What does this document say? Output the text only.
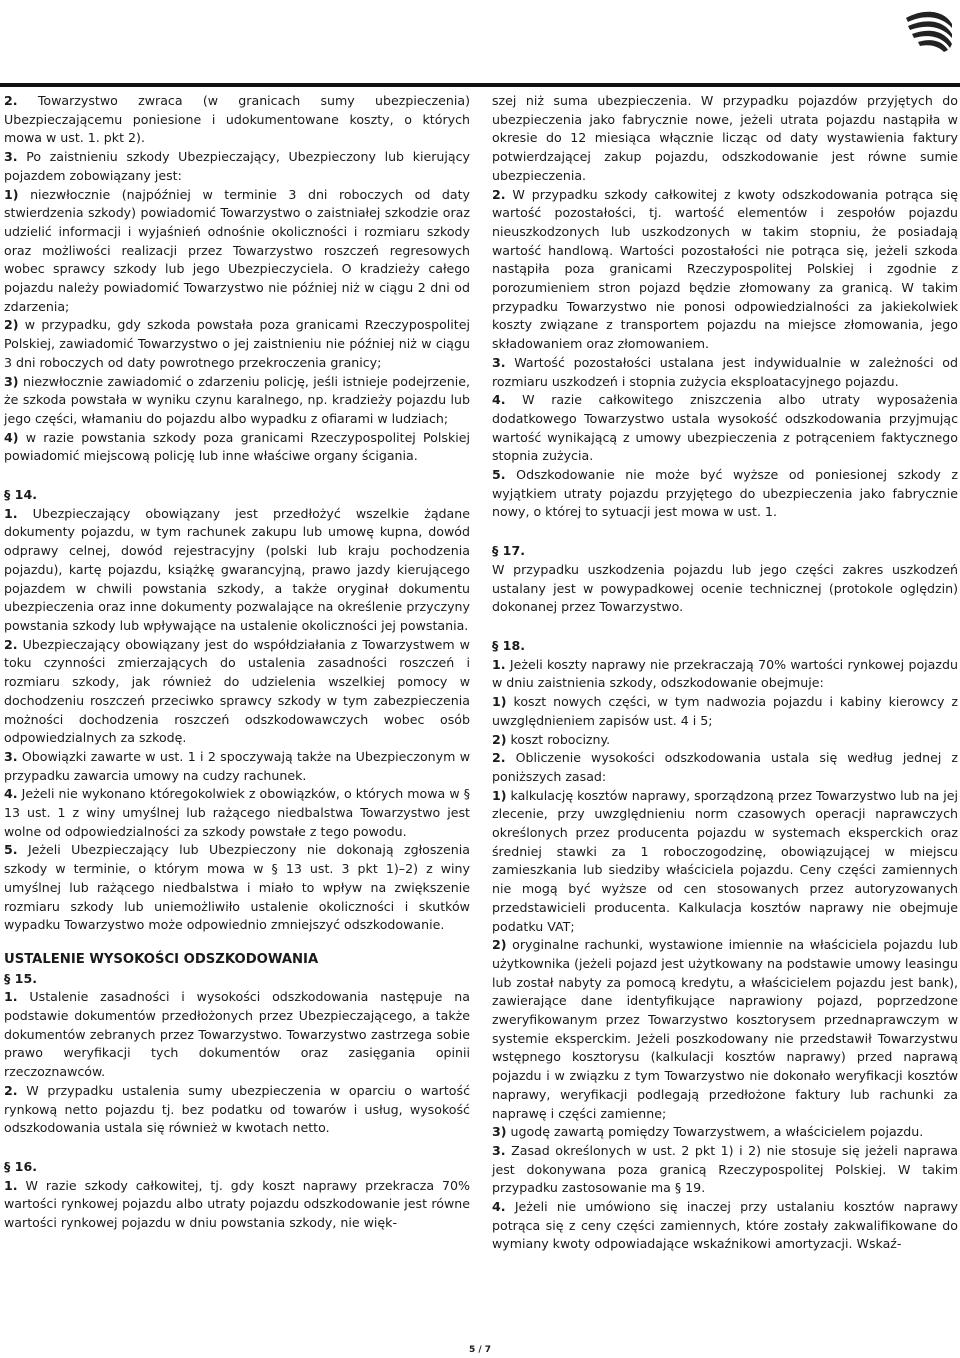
2. Towarzystwo zwraca (w granicach sumy ubezpieczenia) Ubezpieczającemu poniesione i udokumentowane koszty, o których mowa w ust. 1. pkt 2).

3. Po zaistnieniu szkody Ubezpieczający, Ubezpieczony lub kierujący pojazdem zobowiązany jest:

1) niezwłocznie (najpóźniej w terminie 3 dni roboczych od daty stwierdzenia szkody) powiadomić Towarzystwo o zaistniałej szkodzie oraz udzielić informacji i wyjaśnień odnośnie okoliczności i rozmiaru szkody oraz możliwości realizacji przez Towarzystwo roszczeń regresowych wobec sprawcy szkody lub jego Ubezpieczyciela. O kradzieży całego pojazdu należy powiadomić Towarzystwo nie później niż w ciągu 2 dni od zdarzenia;

2) w przypadku, gdy szkoda powstała poza granicami Rzeczypospolitej Polskiej, zawiadomić Towarzystwo o jej zaistnieniu nie później niż w ciągu 3 dni roboczych od daty powrotnego przekroczenia granicy;

3) niezwłocznie zawiadomić o zdarzeniu policję, jeśli istnieje podejrzenie, że szkoda powstała w wyniku czynu karalnego, np. kradzieży pojazdu lub jego części, włamaniu do pojazdu albo wypadku z ofiarami w ludziach;

4) w razie powstania szkody poza granicami Rzeczypospolitej Polskiej powiadomić miejscową policję lub inne właściwe organy ścigania.

§ 14.

1. Ubezpieczający obowiązany jest przedłożyć wszelkie żądane dokumenty pojazdu, w tym rachunek zakupu lub umowę kupna, dowód odprawy celnej, dowód rejestracyjny (polski lub kraju pochodzenia pojazdu), kartę pojazdu, książkę gwarancyjną, prawo jazdy kierującego pojazdem w chwili powstania szkody, a także oryginał dokumentu ubezpieczenia oraz inne dokumenty pozwalające na określenie przyczyny powstania szkody lub wpływające na ustalenie okoliczności jej powstania.

2. Ubezpieczający obowiązany jest do współdziałania z Towarzystwem w toku czynności zmierzających do ustalenia zasadności roszczeń i rozmiaru szkody, jak również do udzielenia wszelkiej pomocy w dochodzeniu roszczeń przeciwko sprawcy szkody w tym zabezpieczenia możności dochodzenia roszczeń odszkodowawczych wobec osób odpowiedzialnych za szkodę.

3. Obowiązki zawarte w ust. 1 i 2 spoczywają także na Ubezpieczonym w przypadku zawarcia umowy na cudzy rachunek.

4. Jeżeli nie wykonano któregokolwiek z obowiązków, o których mowa w § 13 ust. 1 z winy umyślnej lub rażącego niedbalstwa Towarzystwo jest wolne od odpowiedzialności za szkody powstałe z tego powodu.

5. Jeżeli Ubezpieczający lub Ubezpieczony nie dokonają zgłoszenia szkody w terminie, o którym mowa w § 13 ust. 3 pkt 1)–2) z winy umyślnej lub rażącego niedbalstwa i miało to wpływ na zwiększenie rozmiaru szkody lub uniemożliwiło ustalenie okoliczności i skutków wypadku Towarzystwo może odpowiednio zmniejszyć odszkodowanie.

USTALENIE WYSOKOŚCI ODSZKODOWANIA

§ 15.

1. Ustalenie zasadności i wysokości odszkodowania następuje na podstawie dokumentów przedłożonych przez Ubezpieczającego, a także dokumentów zebranych przez Towarzystwo. Towarzystwo zastrzega sobie prawo weryfikacji tych dokumentów oraz zasięgania opinii rzeczoznawców.

2. W przypadku ustalenia sumy ubezpieczenia w oparciu o wartość rynkową netto pojazdu tj. bez podatku od towarów i usług, wysokość odszkodowania ustala się również w kwotach netto.

§ 16.

1. W razie szkody całkowitej, tj. gdy koszt naprawy przekracza 70% wartości rynkowej pojazdu albo utraty pojazdu odszkodowanie jest równe wartości rynkowej pojazdu w dniu powstania szkody, nie więk-

szej niż suma ubezpieczenia. W przypadku pojazdów przyjętych do ubezpieczenia jako fabrycznie nowe, jeżeli utrata pojazdu nastąpiła w okresie do 12 miesiąca włącznie licząc od daty wystawienia faktury potwierdzającej zakup pojazdu, odszkodowanie jest równe sumie ubezpieczenia.

2. W przypadku szkody całkowitej z kwoty odszkodowania potrąca się wartość pozostałości, tj. wartość elementów i zespołów pojazdu nieuszkodzonych lub uszkodzonych w takim stopniu, że posiadają wartość handlową. Wartości pozostałości nie potrąca się, jeżeli szkoda nastąpiła poza granicami Rzeczypospolitej Polskiej i zgodnie z porozumieniem stron pojazd będzie złomowany za granicą. W takim przypadku Towarzystwo nie ponosi odpowiedzialności za jakiekolwiek koszty związane z transportem pojazdu na miejsce złomowania, jego składowaniem oraz złomowaniem.

3. Wartość pozostałości ustalana jest indywidualnie w zależności od rozmiaru uszkodzeń i stopnia zużycia eksploatacyjnego pojazdu.

4. W razie całkowitego zniszczenia albo utraty wyposażenia dodatkowego Towarzystwo ustala wysokość odszkodowania przyjmując wartość wynikającą z umowy ubezpieczenia z potrąceniem faktycznego stopnia zużycia.

5. Odszkodowanie nie może być wyższe od poniesionej szkody z wyjątkiem utraty pojazdu przyjętego do ubezpieczenia jako fabrycznie nowy, o której to sytuacji jest mowa w ust. 1.

§ 17.

W przypadku uszkodzenia pojazdu lub jego części zakres uszkodzeń ustalany jest w powypadkowej ocenie technicznej (protokole oględzin) dokonanej przez Towarzystwo.

§ 18.

1. Jeżeli koszty naprawy nie przekraczają 70% wartości rynkowej pojazdu w dniu zaistnienia szkody, odszkodowanie obejmuje:

1) koszt nowych części, w tym nadwozia pojazdu i kabiny kierowcy z uwzględnieniem zapisów ust. 4 i 5;

2) koszt robocizny.

2. Obliczenie wysokości odszkodowania ustala się według jednej z poniższych zasad:

1) kalkulację kosztów naprawy, sporządzoną przez Towarzystwo lub na jej zlecenie, przy uwzględnieniu norm czasowych operacji naprawczych określonych przez producenta pojazdu w systemach eksperckich oraz średniej stawki za 1 roboczogodzinę, obowiązującej w miejscu zamieszkania lub siedziby właściciela pojazdu. Ceny części zamiennych nie mogą być wyższe od cen stosowanych przez autoryzowanych przedstawicieli producenta. Kalkulacja kosztów naprawy nie obejmuje podatku VAT;

2) oryginalne rachunki, wystawione imiennie na właściciela pojazdu lub użytkownika (jeżeli pojazd jest użytkowany na podstawie umowy leasingu lub został nabyty za pomocą kredytu, a właścicielem pojazdu jest bank), zawierające dane identyfikujące naprawiony pojazd, poprzedzone zweryfikowanym przez Towarzystwo kosztorysem przednaprawczym w systemie eksperckim. Jeżeli poszkodowany nie przedstawił Towarzystwu wstępnego kosztorysu (kalkulacji kosztów naprawy) przed naprawą pojazdu i w związku z tym Towarzystwo nie dokonało weryfikacji kosztów naprawy, weryfikacji podlegają przedłożone faktury lub rachunki za naprawę i części zamienne;

3) ugodę zawartą pomiędzy Towarzystwem, a właścicielem pojazdu.

3. Zasad określonych w ust. 2 pkt 1) i 2) nie stosuje się jeżeli naprawa jest dokonywana poza granicą Rzeczypospolitej Polskiej. W takim przypadku zastosowanie ma § 19.

4. Jeżeli nie umówiono się inaczej przy ustalaniu kosztów naprawy potrąca się z ceny części zamiennych, które zostały zakwalifikowane do wymiany kwoty odpowiadające wskaźnikowi amortyzacji. Wskaź-

5 / 7
